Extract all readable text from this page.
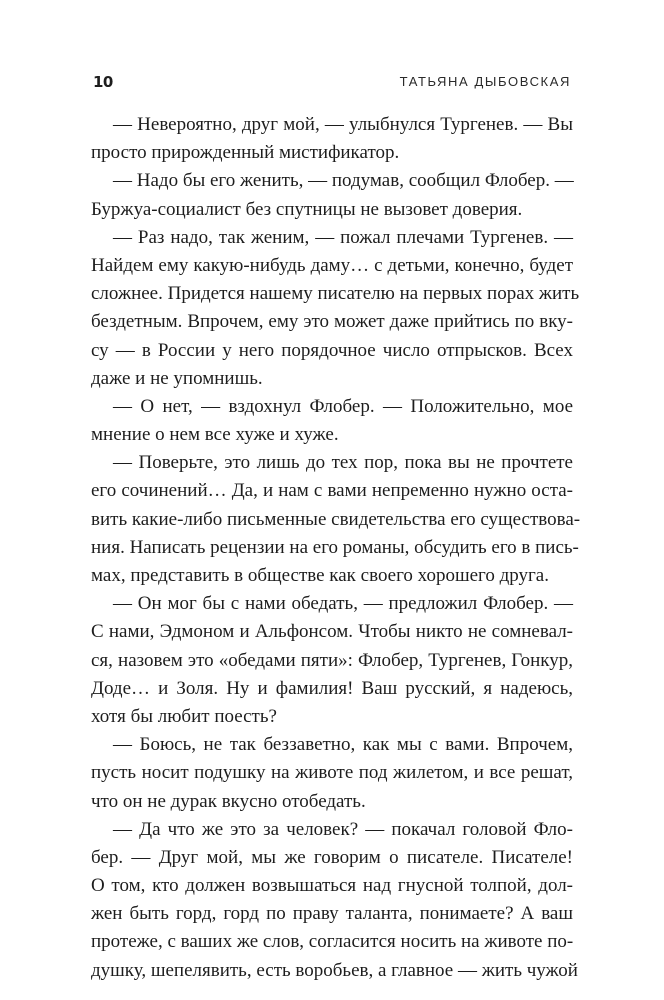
10	ТАТЬЯНА ДЫБОВСКАЯ
— Невероятно, друг мой, — улыбнулся Тургенев. — Вы
просто прирожденный мистификатор.
— Надо бы его женить, — подумав, сообщил Флобер. —
Буржуа-социалист без спутницы не вызовет доверия.
— Раз надо, так женим, — пожал плечами Тургенев. —
Найдем ему какую-нибудь даму… с детьми, конечно, будет
сложнее. Придется нашему писателю на первых порах жить
бездетным. Впрочем, ему это может даже прийтись по вку-
су — в России у него порядочное число отпрысков. Всех
даже и не упомнишь.
— О нет, — вздохнул Флобер. — Положительно, мое
мнение о нем все хуже и хуже.
— Поверьте, это лишь до тех пор, пока вы не прочтете
его сочинений… Да, и нам с вами непременно нужно оста-
вить какие-либо письменные свидетельства его существова-
ния. Написать рецензии на его романы, обсудить его в пись-
мах, представить в обществе как своего хорошего друга.
— Он мог бы с нами обедать, — предложил Флобер. —
С нами, Эдмоном и Альфонсом. Чтобы никто не сомневал-
ся, назовем это «обедами пяти»: Флобер, Тургенев, Гонкур,
Доде… и Золя. Ну и фамилия! Ваш русский, я надеюсь,
хотя бы любит поесть?
— Боюсь, не так беззаветно, как мы с вами. Впрочем,
пусть носит подушку на животе под жилетом, и все решат,
что он не дурак вкусно отобедать.
— Да что же это за человек? — покачал головой Фло-
бер. — Друг мой, мы же говорим о писателе. Писателе!
О том, кто должен возвышаться над гнусной толпой, дол-
жен быть горд, горд по праву таланта, понимаете? А ваш
протеже, с ваших же слов, согласится носить на животе по-
душку, шепелявить, есть воробьев, а главное — жить чужой
